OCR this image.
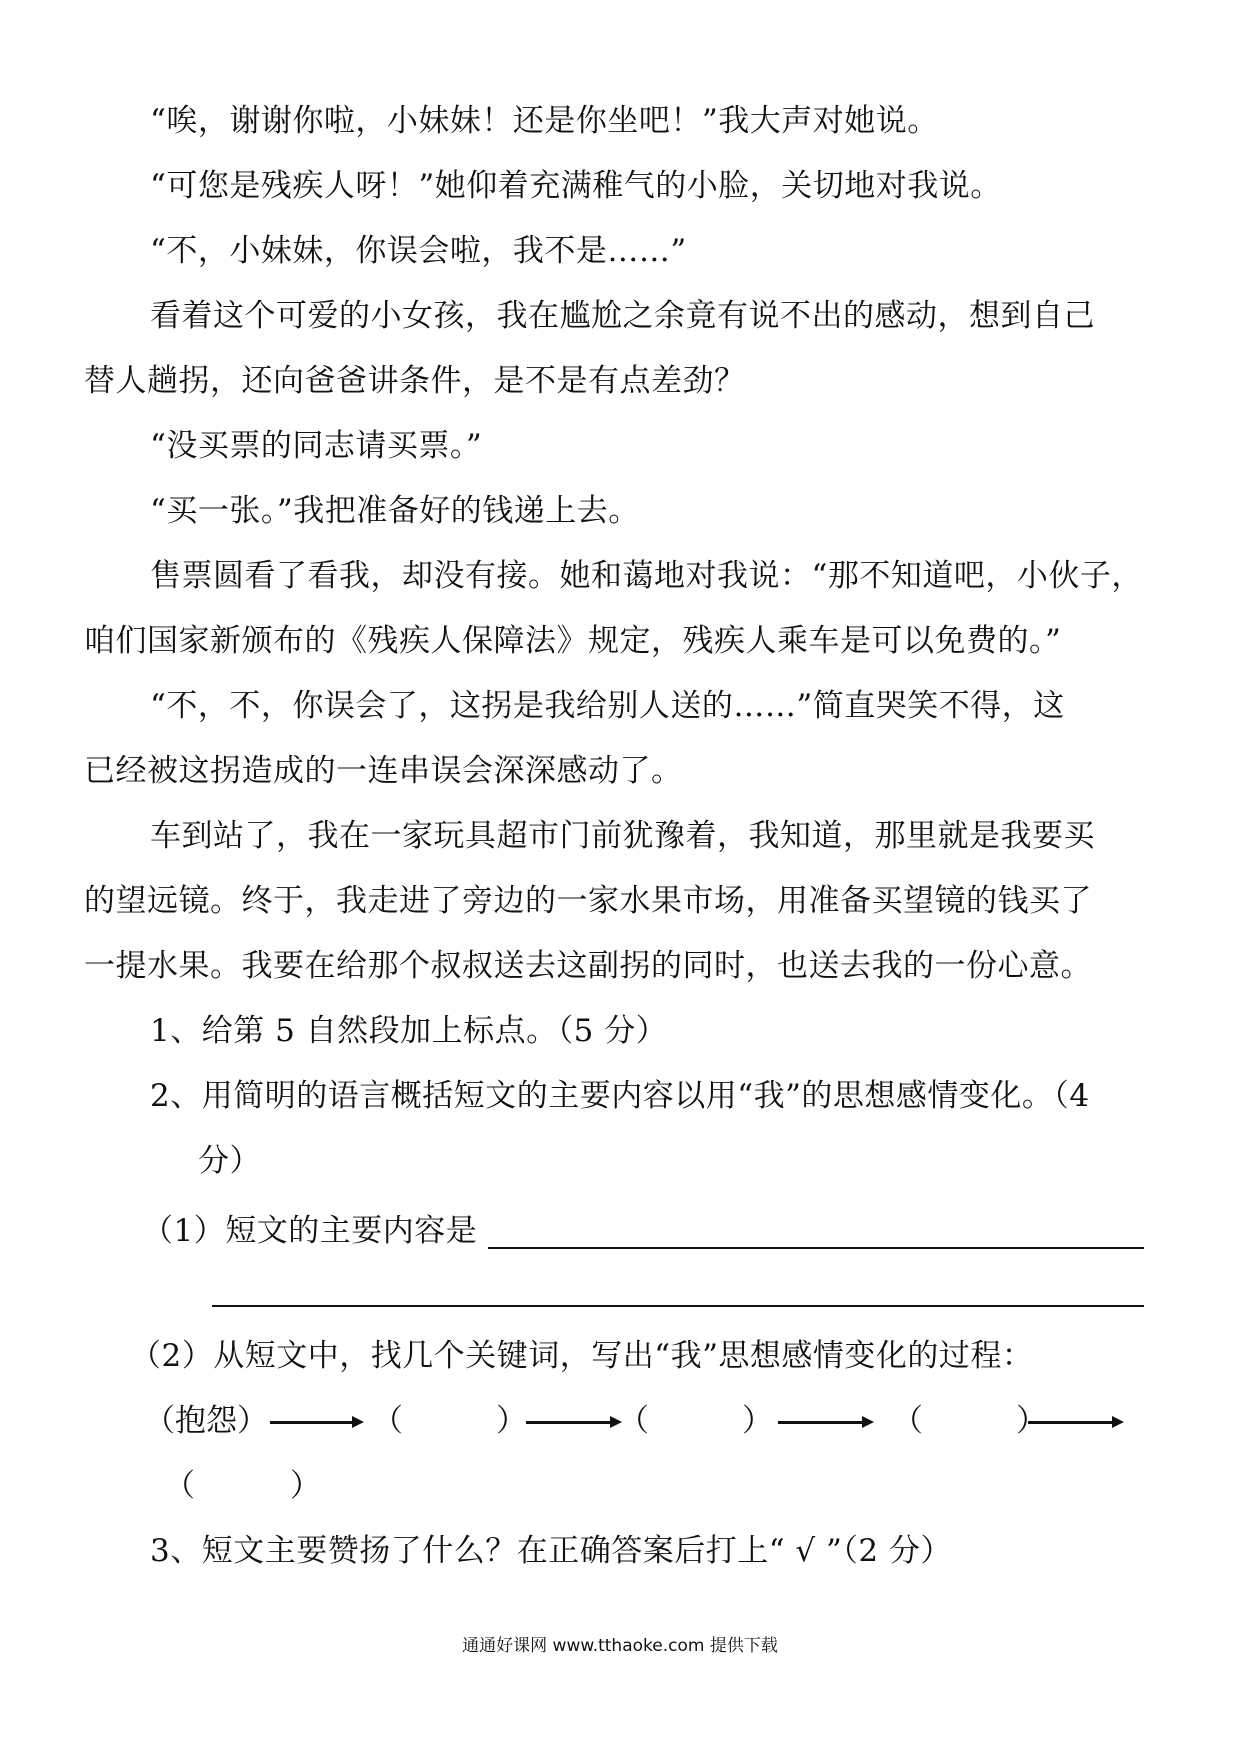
“唉，谢谢你啦，小妹妹！还是你坐吧！”我大声对她说。
“可您是残疾人呀！”她仰着充满稚气的小脸，关切地对我说。
“不，小妹妹，你误会啦，我不是……”
看着这个可爱的小女孩，我在尴尬之余竟有说不出的感动，想到自己
替人趟拐，还向爸爸讲条件，是不是有点差劲？
“没买票的同志请买票。”
“买一张。”我把准备好的钱递上去。
售票圆看了看我，却没有接。她和蔼地对我说：“那不知道吧，小伙子，
咱们国家新颁布的《残疾人保障法》规定，残疾人乘车是可以免费的。”
“不，不，你误会了，这拐是我给别人送的……”简直哭笑不得，这
已经被这拐造成的一连串误会深深感动了。
车到站了，我在一家玩具超市门前犹豫着，我知道，那里就是我要买
的望远镜。终于，我走进了旁边的一家水果市场，用准备买望镜的钱买了
一提水果。我要在给那个叔叔送去这副拐的同时，也送去我的一份心意。
1、给第 5 自然段加上标点。（5 分）
2、用简明的语言概括短文的主要内容以用“我”的思想感情变化。（4
分）
（1）短文的主要内容是
（2）从短文中，找几个关键词，写出“我”思想感情变化的过程：
（抱怨）	（　　　）	（　　　）	（　　　）
（　　　）
3、短文主要赞扬了什么？在正确答案后打上“ √ ”（2 分）
通通好课网 www.tthaoke.com 提供下载
